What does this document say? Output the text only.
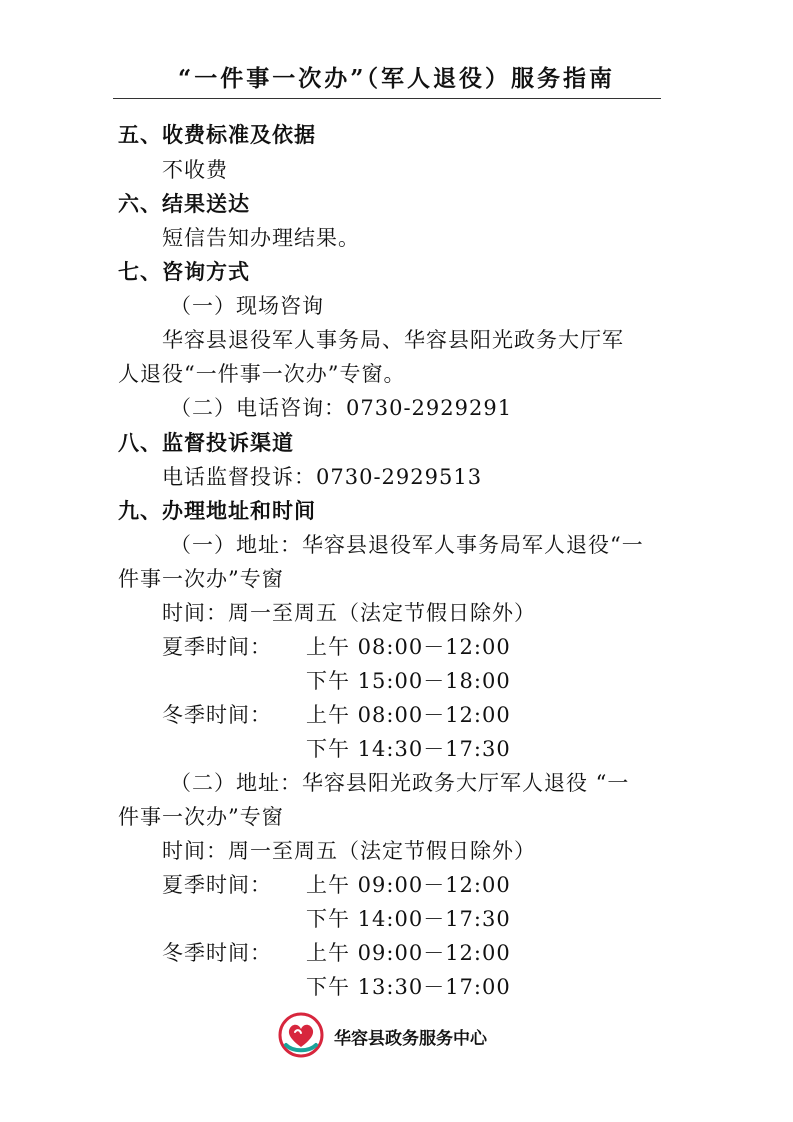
“一件事一次办”（军人退役）服务指南
五、收费标准及依据
不收费
六、结果送达
短信告知办理结果。
七、咨询方式
（一）现场咨询
华容县退役军人事务局、华容县阳光政务大厅军
人退役“一件事一次办”专窗。
（二）电话咨询：0730-2929291
八、监督投诉渠道
电话监督投诉：0730-2929513
九、办理地址和时间
（一）地址：华容县退役军人事务局军人退役“一
件事一次办”专窗
时间：周一至周五（法定节假日除外）
夏季时间： 上午 08:00－12:00
下午 15:00－18:00
冬季时间： 上午 08:00－12:00
下午 14:30－17:30
（二）地址：华容县阳光政务大厅军人退役 “一
件事一次办”专窗
时间：周一至周五（法定节假日除外）
夏季时间： 上午 09:00－12:00
下午 14:00－17:30
冬季时间： 上午 09:00－12:00
下午 13:30－17:00
华容县政务服务中心
